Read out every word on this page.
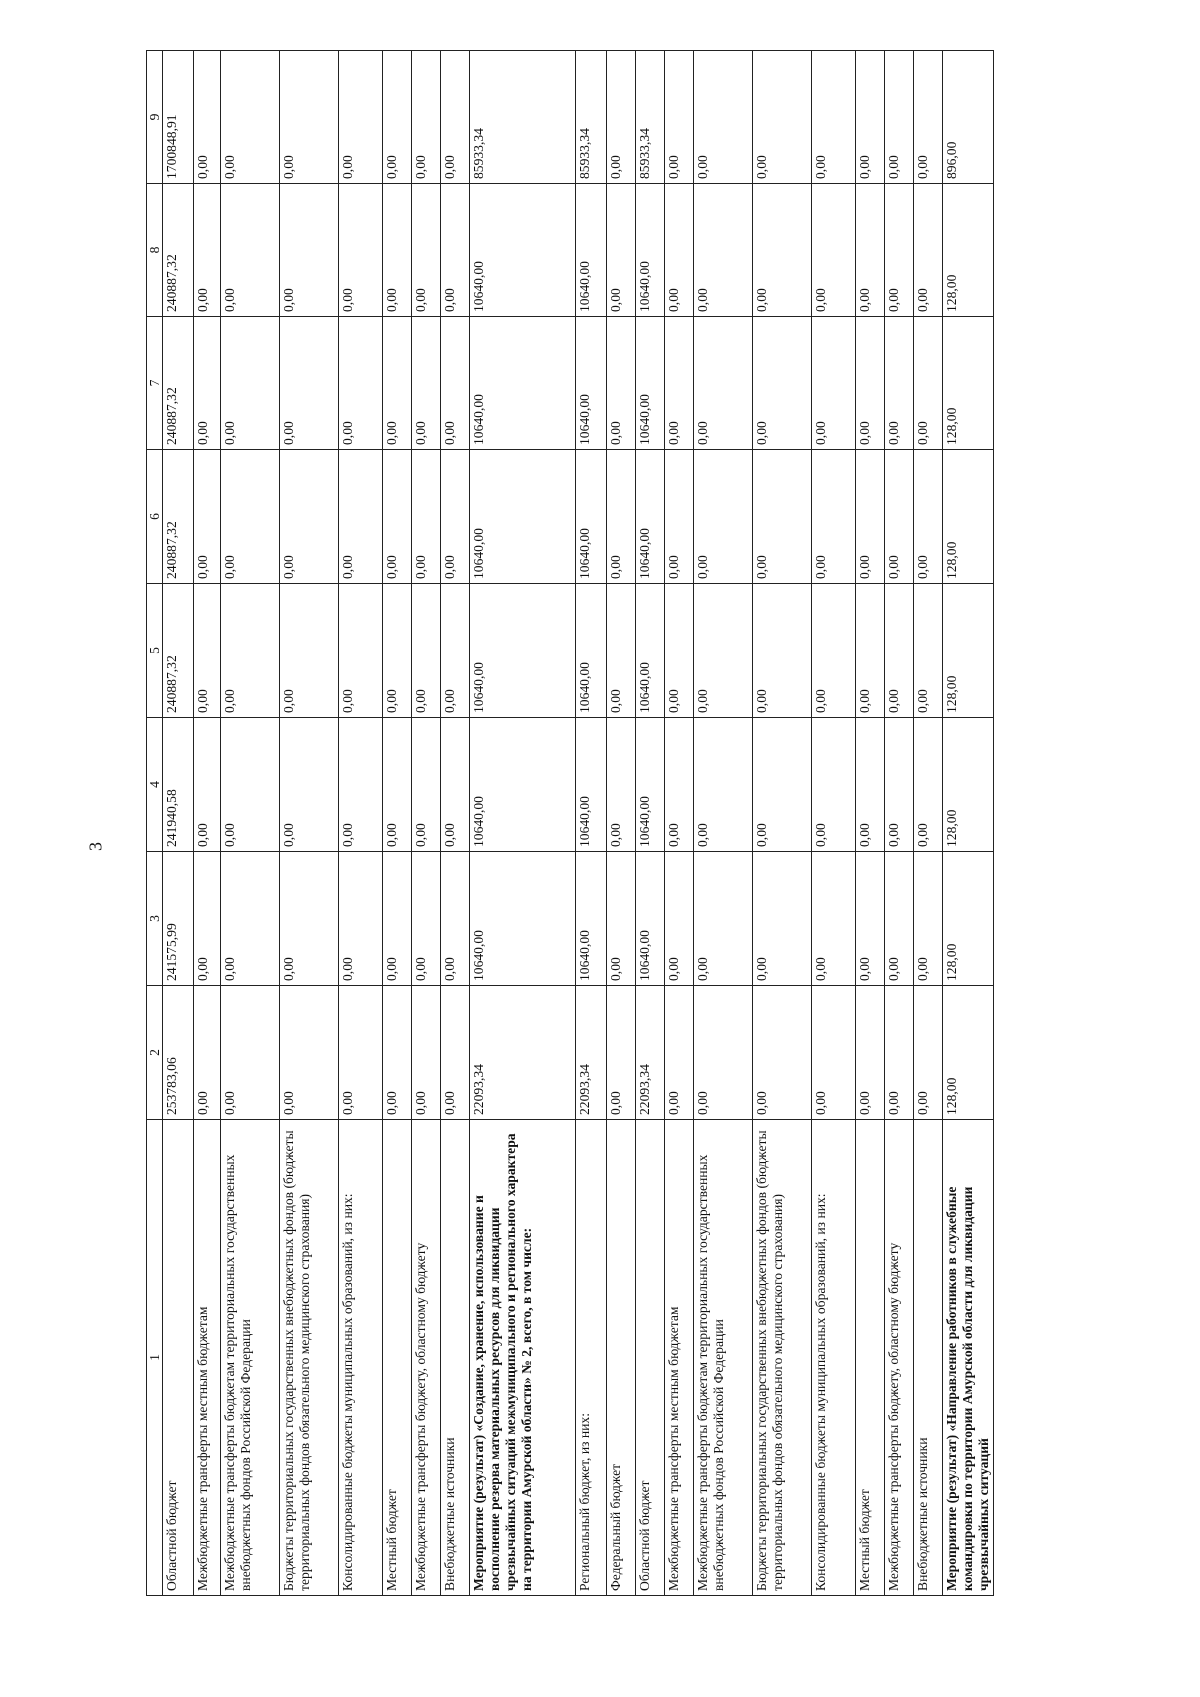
3
1	2	3	4	5	6	7	8	9
Областной бюджет	253783,06	241575,99	241940,58	240887,32	240887,32	240887,32	240887,32	1700848,91
Межбюджетные трансферты местным бюджетам	0,00	0,00	0,00	0,00	0,00	0,00	0,00	0,00
Межбюджетные трансферты бюджетам территориальных государственных внебюджетных фондов Российской Федерации	0,00	0,00	0,00	0,00	0,00	0,00	0,00	0,00
Бюджеты территориальных государственных внебюджетных фондов (бюджеты территориальных фондов обязательного медицинского страхования)	0,00	0,00	0,00	0,00	0,00	0,00	0,00	0,00
Консолидированные бюджеты муниципальных образований, из них:	0,00	0,00	0,00	0,00	0,00	0,00	0,00	0,00
Местный бюджет	0,00	0,00	0,00	0,00	0,00	0,00	0,00	0,00
Межбюджетные трансферты бюджету, областному бюджету	0,00	0,00	0,00	0,00	0,00	0,00	0,00	0,00
Внебюджетные источники	0,00	0,00	0,00	0,00	0,00	0,00	0,00	0,00
Мероприятие (результат) «Создание, хранение, использование и восполнение резерва материальных ресурсов для ликвидации чрезвычайных ситуаций межмуниципального и регионального характера на территории Амурской области» № 2, всего, в том числе:	22093,34	10640,00	10640,00	10640,00	10640,00	10640,00	10640,00	85933,34
Региональный бюджет, из них:	22093,34	10640,00	10640,00	10640,00	10640,00	10640,00	10640,00	85933,34
Федеральный бюджет	0,00	0,00	0,00	0,00	0,00	0,00	0,00	0,00
Областной бюджет	22093,34	10640,00	10640,00	10640,00	10640,00	10640,00	10640,00	85933,34
Межбюджетные трансферты местным бюджетам	0,00	0,00	0,00	0,00	0,00	0,00	0,00	0,00
Межбюджетные трансферты бюджетам территориальных государственных внебюджетных фондов Российской Федерации	0,00	0,00	0,00	0,00	0,00	0,00	0,00	0,00
Бюджеты территориальных государственных внебюджетных фондов (бюджеты территориальных фондов обязательного медицинского страхования)	0,00	0,00	0,00	0,00	0,00	0,00	0,00	0,00
Консолидированные бюджеты муниципальных образований, из них:	0,00	0,00	0,00	0,00	0,00	0,00	0,00	0,00
Местный бюджет	0,00	0,00	0,00	0,00	0,00	0,00	0,00	0,00
Межбюджетные трансферты бюджету, областному бюджету	0,00	0,00	0,00	0,00	0,00	0,00	0,00	0,00
Внебюджетные источники	0,00	0,00	0,00	0,00	0,00	0,00	0,00	0,00
Мероприятие (результат) «Направление работников в служебные командировки по территории Амурской области для ликвидации чрезвычайных ситуаций	128,00	128,00	128,00	128,00	128,00	128,00	128,00	896,00
